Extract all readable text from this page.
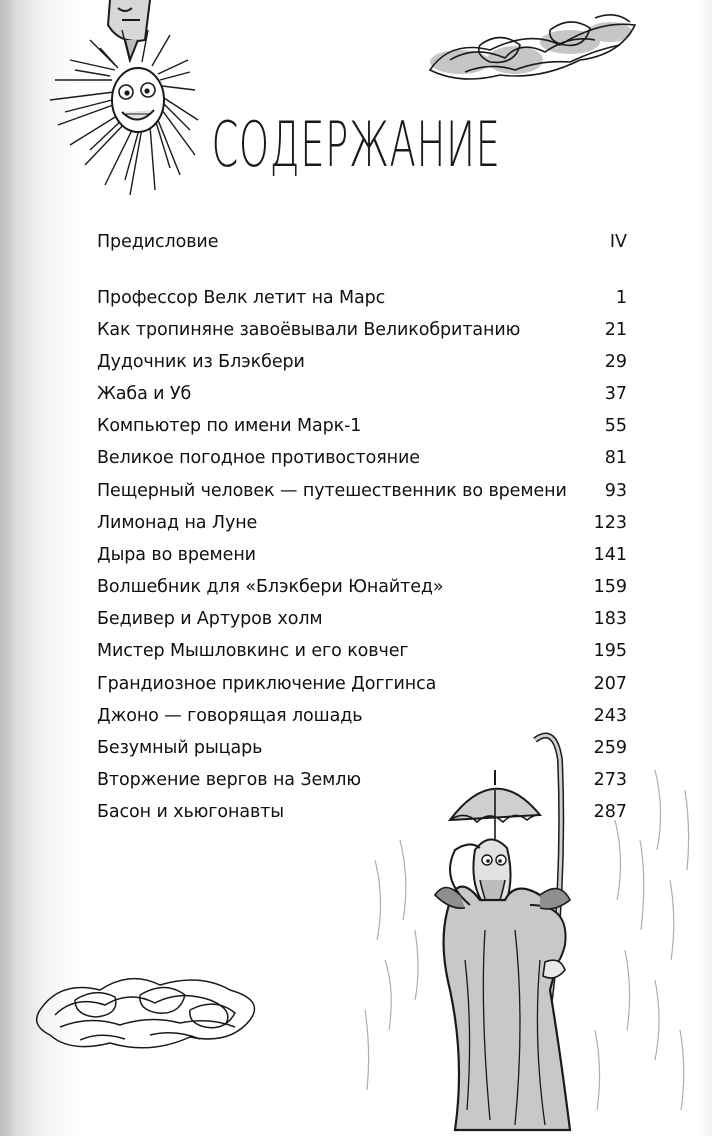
СОДЕРЖАНИЕ
Предисловие	IV
Профессор Велк летит на Марс	1
Как тропиняне завоёвывали Великобританию	21
Дудочник из Блэкбери	29
Жаба и Уб	37
Компьютер по имени Марк-1	55
Великое погодное противостояние	81
Пещерный человек — путешественник во времени 93
Лимонад на Луне	123
Дыра во времени	141
Волшебник для «Блэкбери Юнайтед»	159
Бедивер и Артуров холм	183
Мистер Мышловкинс и его ковчег	195
Грандиозное приключение Доггинса	207
Джоно — говорящая лошадь	243
Безумный рыцарь	259
Вторжение вергов на Землю	273
Басон и хьюгонавты	287
